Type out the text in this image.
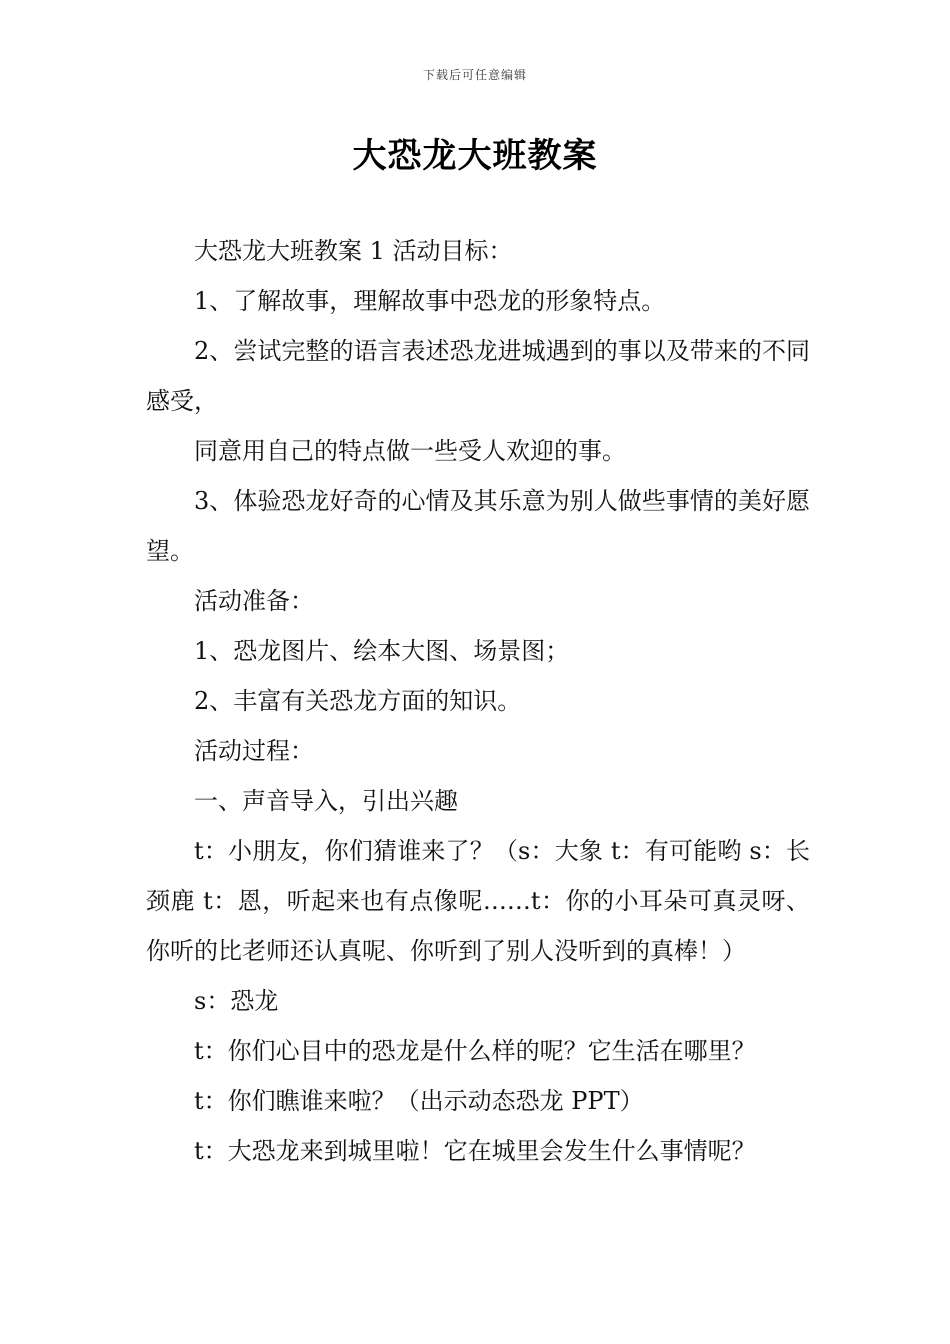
下载后可任意编辑
大恐龙大班教案

大恐龙大班教案 1 活动目标：

1、了解故事，理解故事中恐龙的形象特点。

2、尝试完整的语言表述恐龙进城遇到的事以及带来的不同感受，

同意用自己的特点做一些受人欢迎的事。

3、体验恐龙好奇的心情及其乐意为别人做些事情的美好愿望。

活动准备：

1、恐龙图片、绘本大图、场景图；

2、丰富有关恐龙方面的知识。

活动过程：

一、声音导入，引出兴趣

t：小朋友，你们猜谁来了？（s：大象 t：有可能哟 s：长颈鹿 t：恩，听起来也有点像呢……t：你的小耳朵可真灵呀、你听的比老师还认真呢、你听到了别人没听到的真棒！）

s：恐龙

t：你们心目中的恐龙是什么样的呢？它生活在哪里？

t：你们瞧谁来啦？（出示动态恐龙 PPT）

t：大恐龙来到城里啦！它在城里会发生什么事情呢？
